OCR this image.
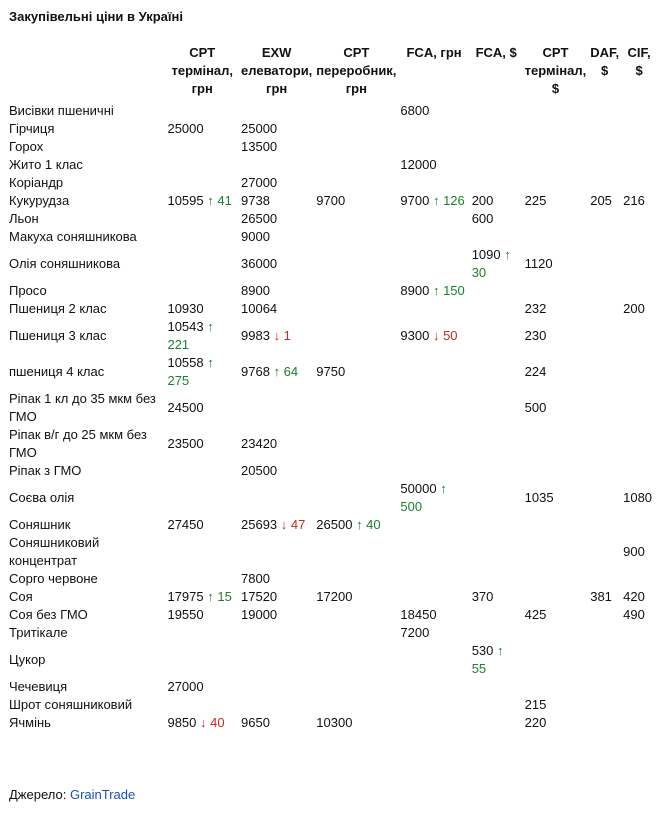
Закупівельні ціни в Україні
	CPT термінал, грн	EXW елеватори, грн	CPT переробник, грн	FCA, грн	FCA, $	CPT термінал, $	DAF, $	CIF, $
Висівки пшеничні				6800				
Гірчиця	25000	25000						
Горох		13500						
Жито 1 клас				12000				
Коріандр		27000						
Кукурудза	10595 ↑ 41	9738	9700	9700 ↑ 126	200	225	205	216
Льон		26500			600			
Макуха соняшникова		9000						
Олія соняшникова		36000			1090 ↑ 30	1120		
Просо		8900		8900 ↑ 150				
Пшениця 2 клас	10930	10064				232		200
Пшениця 3 клас	10543 ↑ 221	9983 ↓ 1		9300 ↓ 50		230		
пшениця 4 клас	10558 ↑ 275	9768 ↑ 64	9750			224		
Ріпак 1 кл до 35 мкм без ГМО	24500					500		
Ріпак в/г до 25 мкм без ГМО	23500	23420						
Ріпак з ГМО		20500						
Соєва олія				50000 ↑ 500		1035		1080
Соняшник	27450	25693 ↓ 47	26500 ↑ 40					
Соняшниковий концентрат								900
Сорго червоне		7800						
Соя	17975 ↑ 15	17520	17200		370		381	420
Соя без ГМО	19550	19000		18450		425		490
Тритікале				7200				
Цукор					530 ↑ 55			
Чечевиця	27000							
Шрот соняшниковий						215		
Ячмінь	9850 ↓ 40	9650	10300			220		
Джерело: GrainTrade
